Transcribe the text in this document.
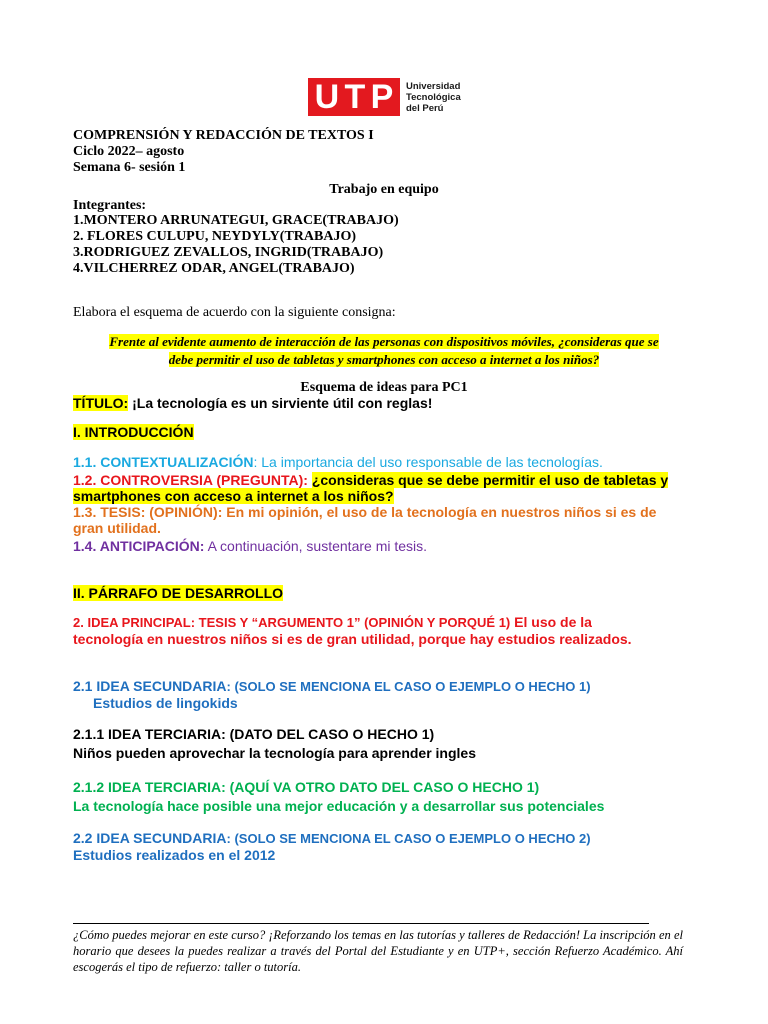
U T P Universidad
Tecnológica
del Perú
COMPRENSIÓN Y REDACCIÓN DE TEXTOS I
Ciclo 2022– agosto
Semana 6- sesión 1
Trabajo en equipo
Integrantes:
1.MONTERO ARRUNATEGUI, GRACE(TRABAJO)
2. FLORES CULUPU, NEYDYLY(TRABAJO)
3.RODRIGUEZ ZEVALLOS, INGRID(TRABAJO)
4.VILCHERREZ ODAR, ANGEL(TRABAJO)
Elabora el esquema de acuerdo con la siguiente consigna:
Frente al evidente aumento de interacción de las personas con dispositivos móviles, ¿consideras que se
debe permitir el uso de tabletas y smartphones con acceso a internet a los niños?
Esquema de ideas para PC1
TÍTULO: ¡La tecnología es un sirviente útil con reglas!
I. INTRODUCCIÓN
1.1. CONTEXTUALIZACIÓN: La importancia del uso responsable de las tecnologías.
1.2. CONTROVERSIA (PREGUNTA): ¿consideras que se debe permitir el uso de tabletas y
smartphones con acceso a internet a los niños?
1.3. TESIS: (OPINIÓN): En mi opinión, el uso de la tecnología en nuestros niños si es de
gran utilidad.
1.4. ANTICIPACIÓN: A continuación, sustentare mi tesis.
II. PÁRRAFO DE DESARROLLO
2. IDEA PRINCIPAL: TESIS Y “ARGUMENTO 1” (OPINIÓN Y PORQUÉ 1) El uso de la
tecnología en nuestros niños si es de gran utilidad, porque hay estudios realizados.
2.1 IDEA SECUNDARIA: (SOLO SE MENCIONA EL CASO O EJEMPLO O HECHO 1)
Estudios de lingokids
2.1.1 IDEA TERCIARIA: (DATO DEL CASO O HECHO 1)
Niños pueden aprovechar la tecnología para aprender ingles
2.1.2 IDEA TERCIARIA: (AQUÍ VA OTRO DATO DEL CASO O HECHO 1)
La tecnología hace posible una mejor educación y a desarrollar sus potenciales
2.2 IDEA SECUNDARIA: (SOLO SE MENCIONA EL CASO O EJEMPLO O HECHO 2)
Estudios realizados en el 2012
¿Cómo puedes mejorar en este curso? ¡Reforzando los temas en las tutorías y talleres de Redacción! La inscripción en el horario que desees la puedes realizar a través del Portal del Estudiante y en UTP+, sección Refuerzo Académico. Ahí escogerás el tipo de refuerzo: taller o tutoría.
